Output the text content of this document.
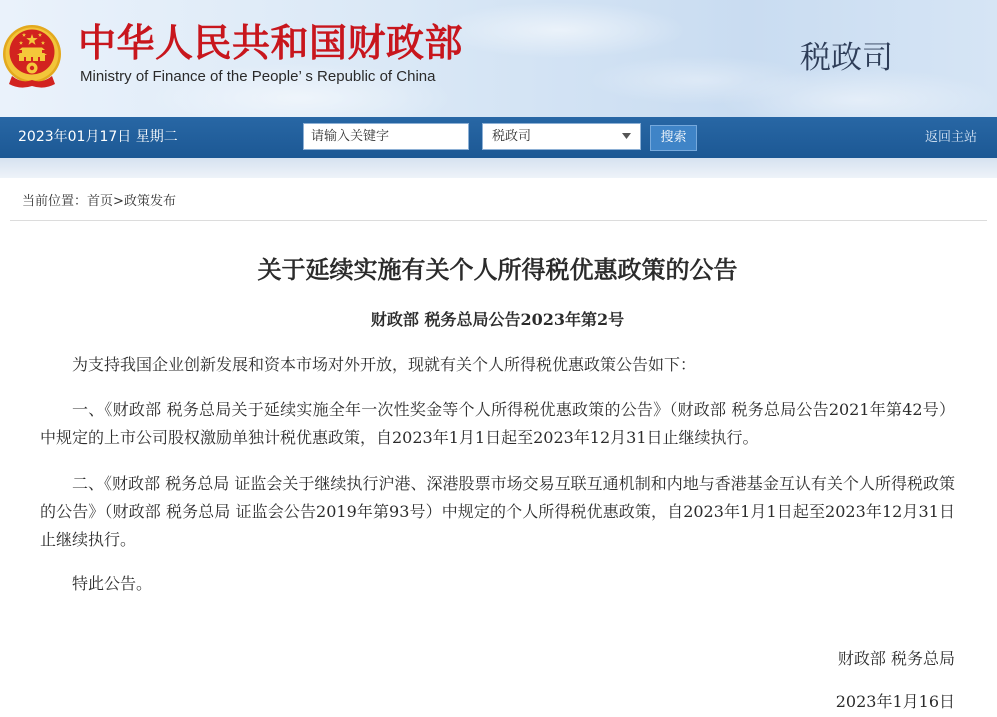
中华人民共和国财政部
Ministry of Finance of the People’ s Republic of China
税政司
2023年01月17日 星期二
请输入关键字	税政司	搜索	返回主站
当前位置：首页>政策发布
关于延续实施有关个人所得税优惠政策的公告
财政部 税务总局公告2023年第2号

为支持我国企业创新发展和资本市场对外开放，现就有关个人所得税优惠政策公告如下：

一、《财政部 税务总局关于延续实施全年一次性奖金等个人所得税优惠政策的公告》（财政部 税务总局公告2021年第42号）中规定的上市公司股权激励单独计税优惠政策，自2023年1月1日起至2023年12月31日止继续执行。

二、《财政部 税务总局 证监会关于继续执行沪港、深港股票市场交易互联互通机制和内地与香港基金互认有关个人所得税政策的公告》（财政部 税务总局 证监会公告2019年第93号）中规定的个人所得税优惠政策，自2023年1月1日起至2023年12月31日止继续执行。

特此公告。

财政部 税务总局
2023年1月16日
